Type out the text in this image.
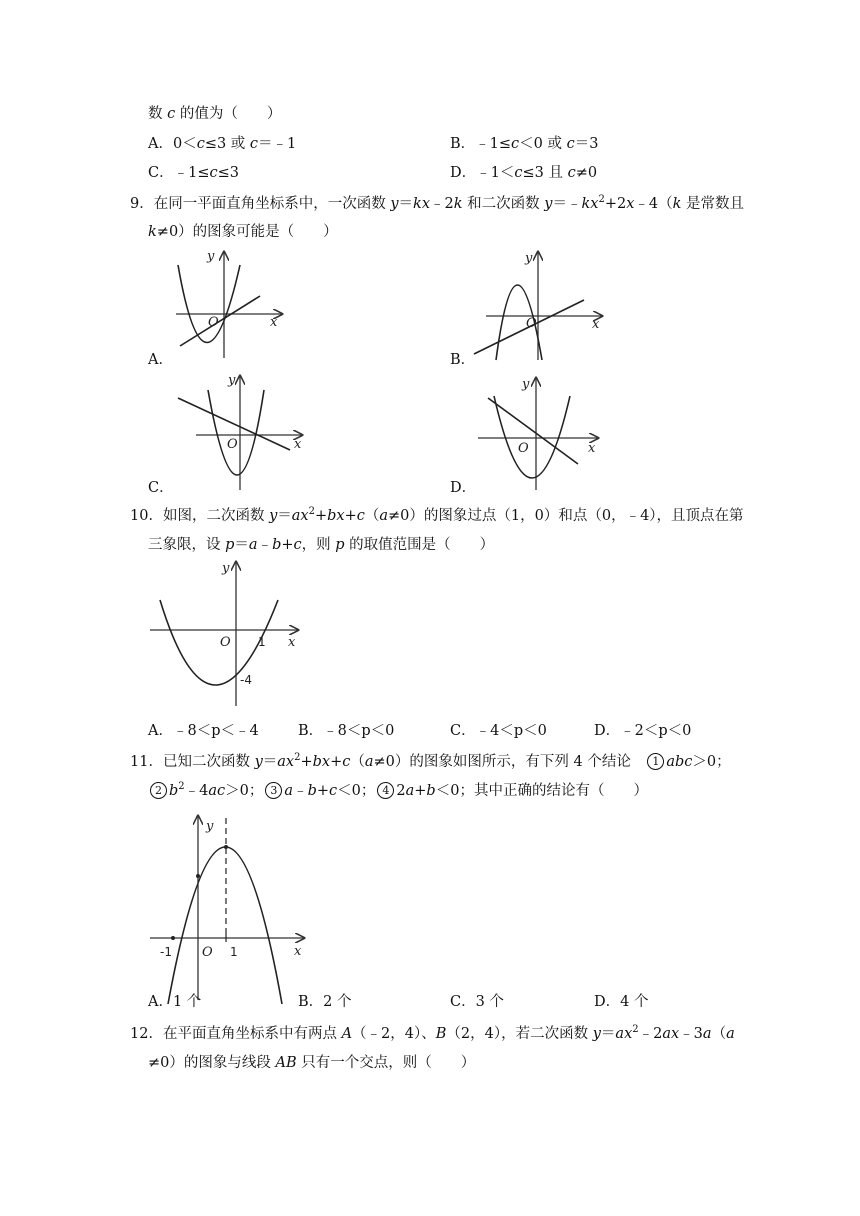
数 c 的值为（　　）
A．0＜c≤3 或 c＝﹣1	B．﹣1≤c＜0 或 c＝3
C．﹣1≤c≤3	D．﹣1＜c≤3 且 c≠0
9．在同一平面直角坐标系中，一次函数 y＝kx﹣2k 和二次函数 $y=﹣kx^2+2x﹣4(k$ 是常数且
k≠0）的图象可能是（　　）
A．	B．
C．	D．
x
y
O	x
y
O
x
y
O	x
y
O
x
y
O 1
-4
x
y
O 1
-1
10．如图，二次函数 $y=ax^2+bx+c(a\ne 0)$的图象过点（1，0）和点（0，﹣4），且顶点在第
三象限，设 p＝a﹣b+c，则 p 的取值范围是（　　）
A．﹣8＜p＜﹣4	B．﹣8＜p＜0	C．﹣4＜p＜0	D．﹣2＜p＜0
11．已知二次函数 $y=ax^2+bx+c(a\ne 0)$的图象如图所示，有下列 4 个结论　1 abc＞0；
2 $b^2﹣4ac>0$； 3 a﹣b+c＜0； 4 2a+b＜0；其中正确的结论有（　　）
A．1 个	B．2 个	C．3 个	D．4 个
12．在平面直角坐标系中有两点 A（﹣2，4）、B（2，4），若二次函数 $y=ax^2﹣2ax﹣3a(a$
≠0）的图象与线段 AB 只有一个交点，则（　　）
